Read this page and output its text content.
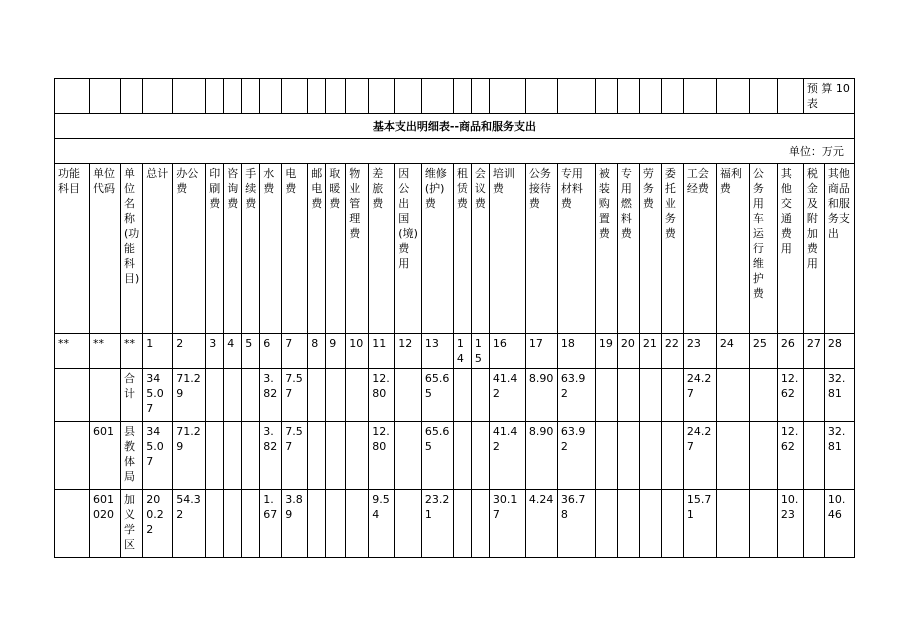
																													预 算 10 表	
基本支出明细表--商品和服务支出																														
单位：万元																														
功能科目	单位代码	单位名称(功能科目)	总计	办公费	印刷费	咨询费	手续费	水费	电费	邮电费	取暖费	物业管理费	差旅费	因公出国(境)费用	维修(护)费	租赁费	会议费	培训费	公务接待费	专用材料费	被装购置费	专用燃料费	劳务费	委托业务费	工会经费	福利费	公务用车运行维护费	其他交通费用	税金及附加费用	其他商品和服务支出
**	**	**	1	2	3	4	5	6	7	8	9	10	11	12	13	14	15	16	17	18	19	20	21	22	23	24	25	26	27	28
		合计	345.07	71.29				3.82	7.57				12.80		65.65			41.42	8.90	63.92					24.27			12.62		32.81
	601	县教体局	345.07	71.29				3.82	7.57				12.80		65.65			41.42	8.90	63.92					24.27			12.62		32.81
	601020	加义学区	200.22	54.32				1.67	3.89				9.54		23.21			30.17	4.24	36.78					15.71			10.23		10.46
